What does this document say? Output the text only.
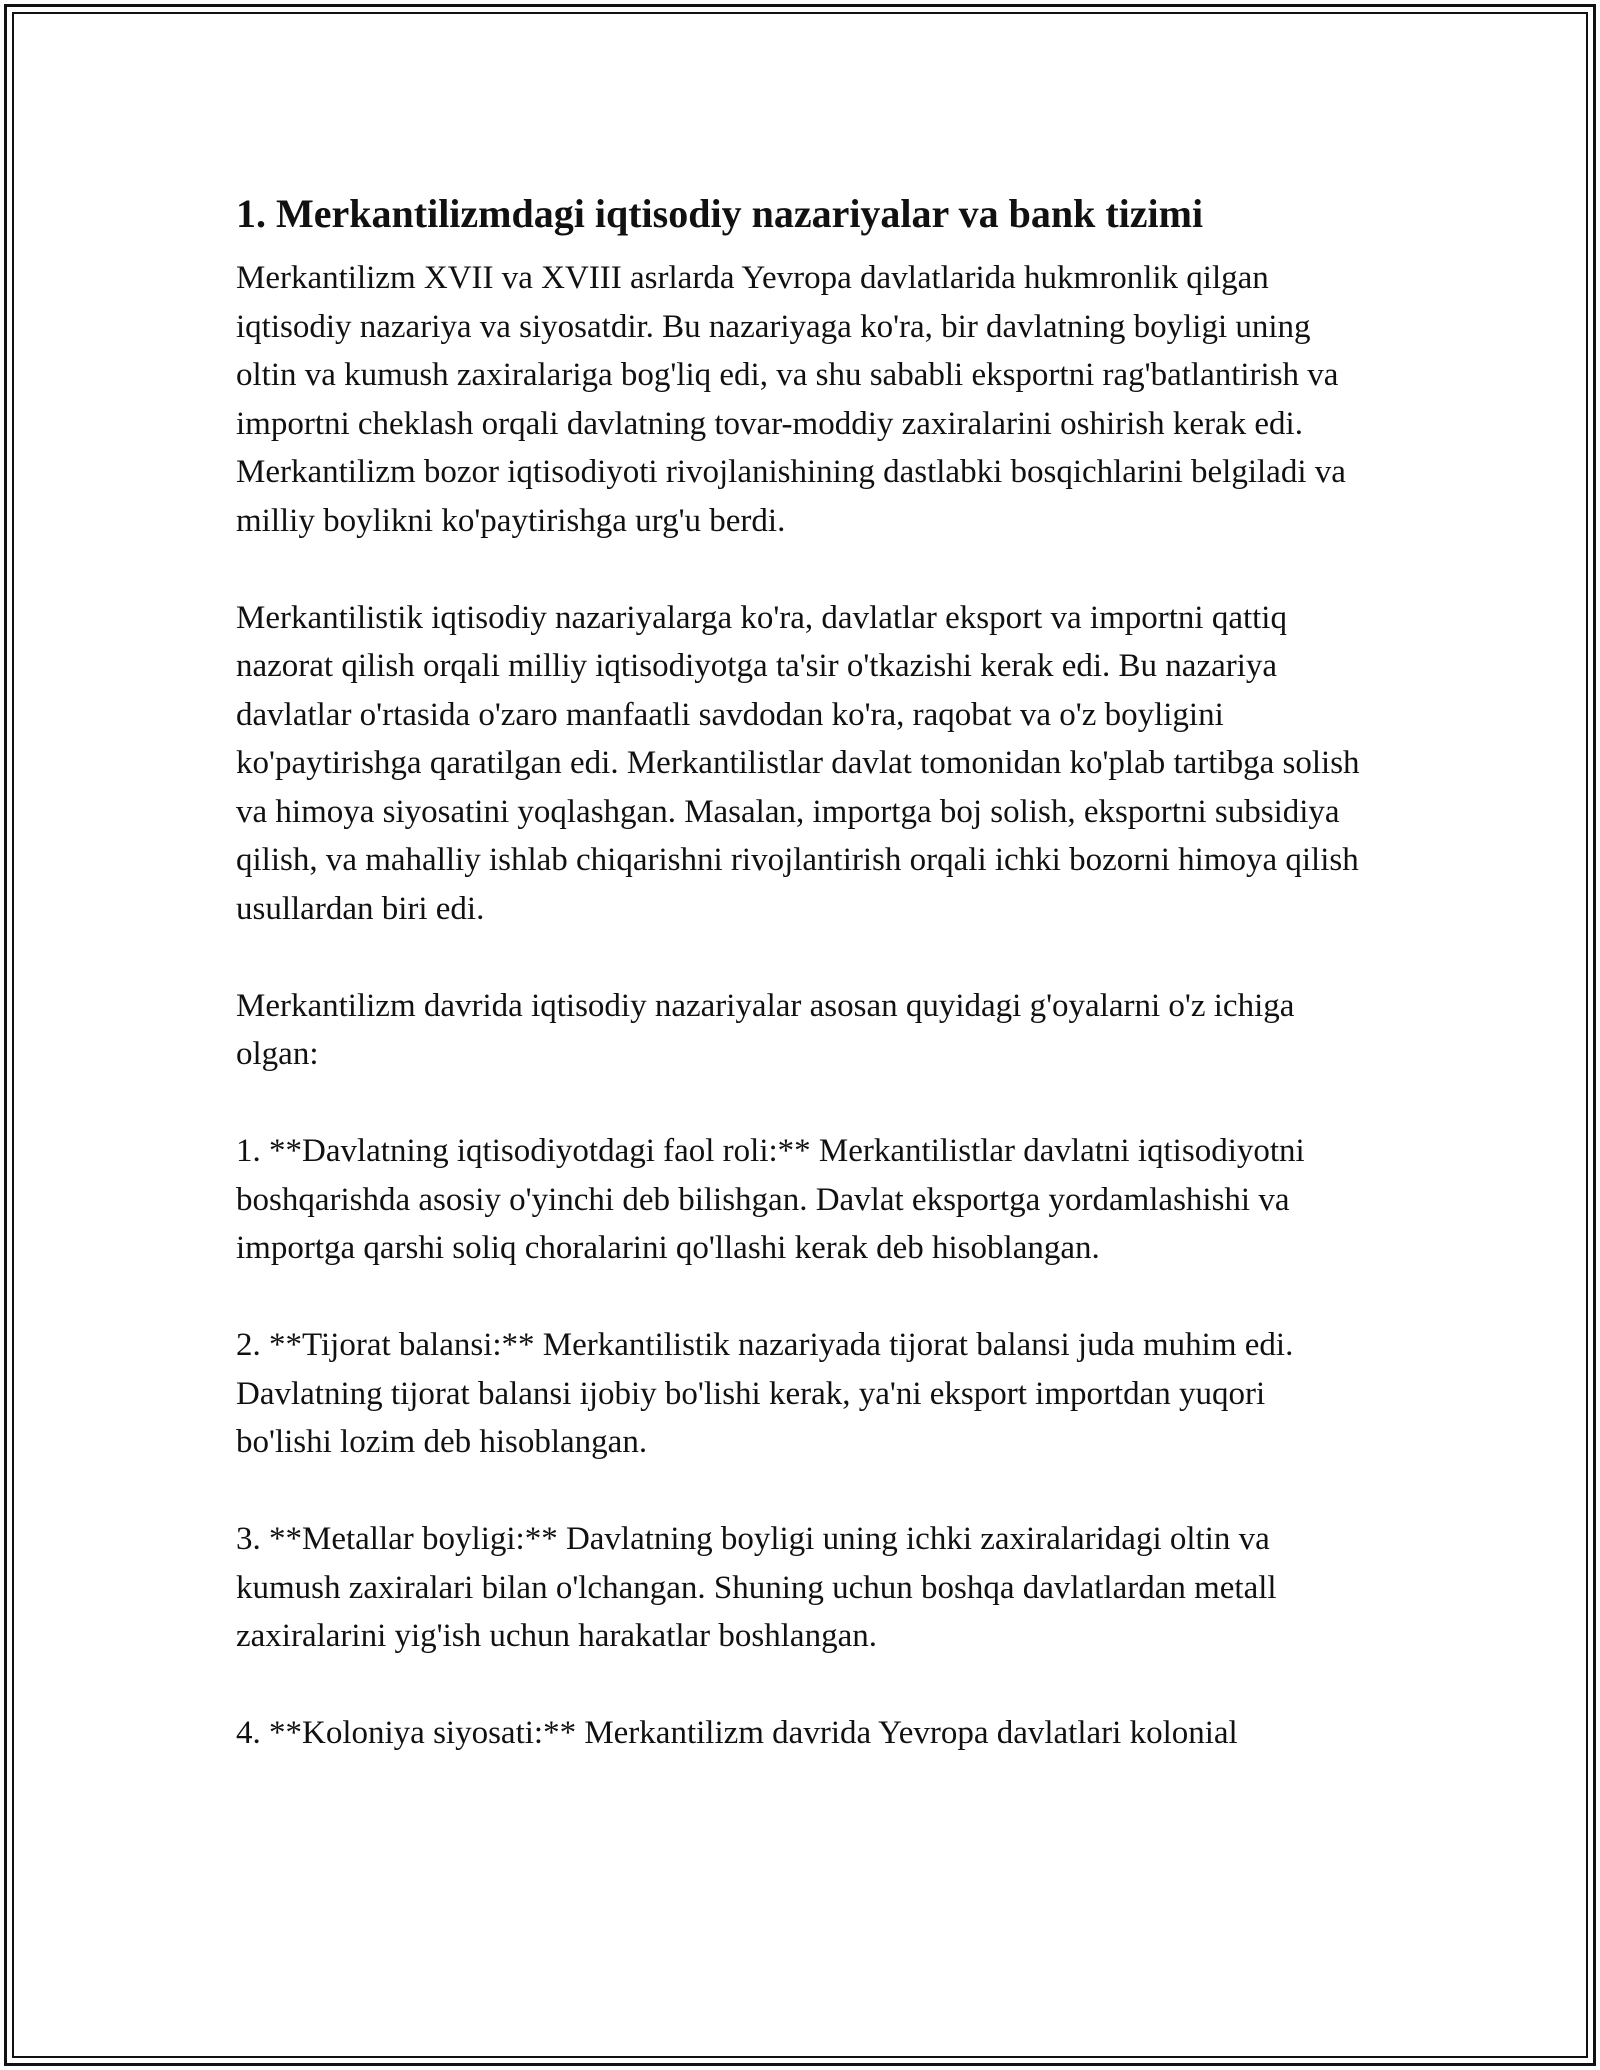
1. Merkantilizmdagi iqtisodiy nazariyalar va bank tizimi

Merkantilizm XVII va XVIII asrlarda Yevropa davlatlarida hukmronlik qilgan iqtisodiy nazariya va siyosatdir. Bu nazariyaga ko'ra, bir davlatning boyligi uning oltin va kumush zaxiralariga bog'liq edi, va shu sababli eksportni rag'batlantirish va importni cheklash orqali davlatning tovar-moddiy zaxiralarini oshirish kerak edi. Merkantilizm bozor iqtisodiyoti rivojlanishining dastlabki bosqichlarini belgiladi va milliy boylikni ko'paytirishga urg'u berdi.

Merkantilistik iqtisodiy nazariyalarga ko'ra, davlatlar eksport va importni qattiq nazorat qilish orqali milliy iqtisodiyotga ta'sir o'tkazishi kerak edi. Bu nazariya davlatlar o'rtasida o'zaro manfaatli savdodan ko'ra, raqobat va o'z boyligini ko'paytirishga qaratilgan edi. Merkantilistlar davlat tomonidan ko'plab tartibga solish va himoya siyosatini yoqlashgan. Masalan, importga boj solish, eksportni subsidiya qilish, va mahalliy ishlab chiqarishni rivojlantirish orqali ichki bozorni himoya qilish usullardan biri edi.

Merkantilizm davrida iqtisodiy nazariyalar asosan quyidagi g'oyalarni o'z ichiga olgan:

1. **Davlatning iqtisodiyotdagi faol roli:** Merkantilistlar davlatni iqtisodiyotni boshqarishda asosiy o'yinchi deb bilishgan. Davlat eksportga yordamlashishi va importga qarshi soliq choralarini qo'llashi kerak deb hisoblangan.

2. **Tijorat balansi:** Merkantilistik nazariyada tijorat balansi juda muhim edi. Davlatning tijorat balansi ijobiy bo'lishi kerak, ya'ni eksport importdan yuqori bo'lishi lozim deb hisoblangan.

3. **Metallar boyligi:** Davlatning boyligi uning ichki zaxiralaridagi oltin va kumush zaxiralari bilan o'lchangan. Shuning uchun boshqa davlatlardan metall zaxiralarini yig'ish uchun harakatlar boshlangan.

4. **Koloniya siyosati:** Merkantilizm davrida Yevropa davlatlari kolonial
